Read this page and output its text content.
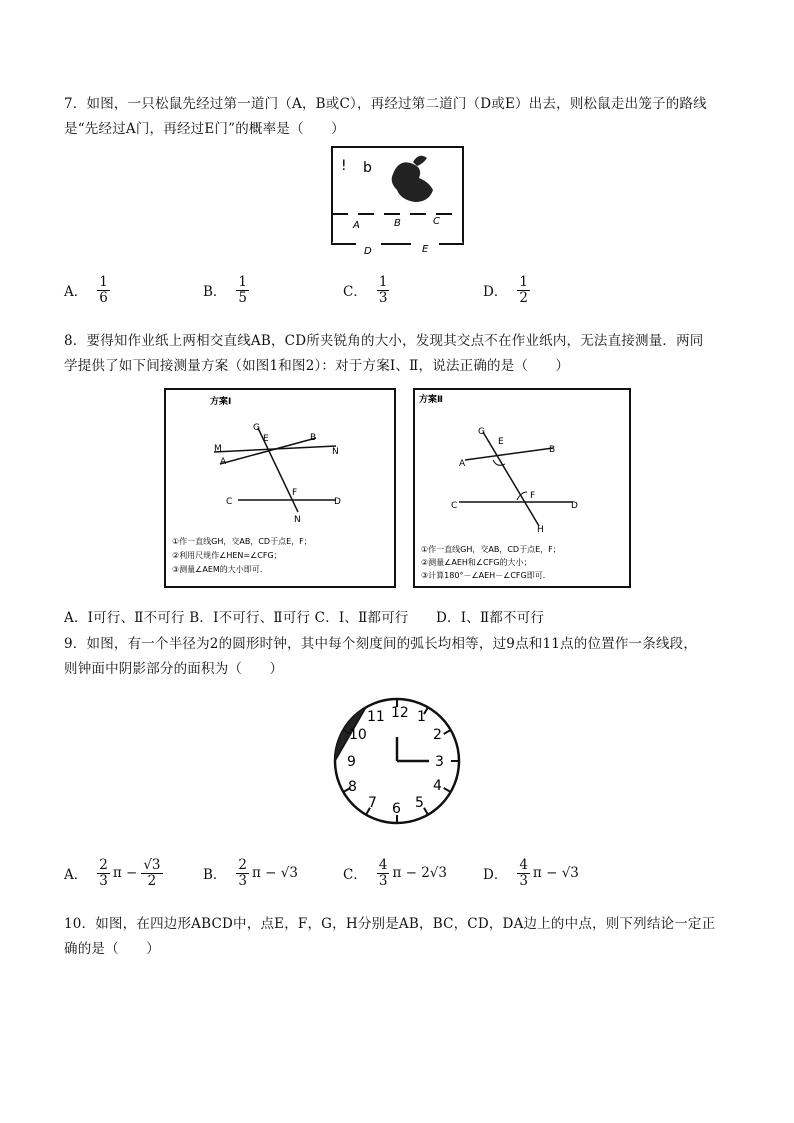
7．如图，一只松鼠先经过第一道门（A，B或C），再经过第二道门（D或E）出去，则松鼠走出笼子的路线
是“先经过A门，再经过E门”的概率是（　　）
! b
A	B	C
D	E
A． $\frac{1}{6}$	B． $\frac{1}{5}$	C． $\frac{1}{3}$	D． $\frac{1}{2}$
8．要得知作业纸上两相交直线AB，CD所夹锐角的大小，发现其交点不在作业纸内，无法直接测量．两同
学提供了如下间接测量方案（如图1和图2）：对于方案Ⅰ、Ⅱ，说法正确的是（　　）
方案Ⅰ
G
E	B
M
A
N
C
F
D
N
①作一直线GH，交AB，CD于点E，F；
②利用尺规作∠HEN=∠CFG；
③测量∠AEM的大小即可．
方案Ⅱ
G
E
A
B
C
F
D
H
①作一直线GH，交AB，CD于点E，F；
②测量∠AEH和∠CFG的大小；
③计算180°－∠AEH－∠CFG即可．
A．Ⅰ可行、Ⅱ不可行 B．Ⅰ不可行、Ⅱ可行 C．Ⅰ、Ⅱ都可行　　D．Ⅰ、Ⅱ都不可行
9．如图，有一个半径为2的圆形时钟，其中每个刻度间的弧长均相等，过9点和11点的位置作一条线段，
则钟面中阴影部分的面积为（　　）
12 1
2
3
4
5
6
7
8
9
10
11
A． $\frac{2}{3}$ $\pi - \frac{√3}{2}$	B． $\frac{2}{3}$ π − √3	C． $\frac{4}{3}$ π − 2√3	D． $\frac{4}{3}$ π − √3
10．如图，在四边形ABCD中，点E，F，G，H分别是AB，BC，CD，DA边上的中点，则下列结论一定正
确的是（　　）
